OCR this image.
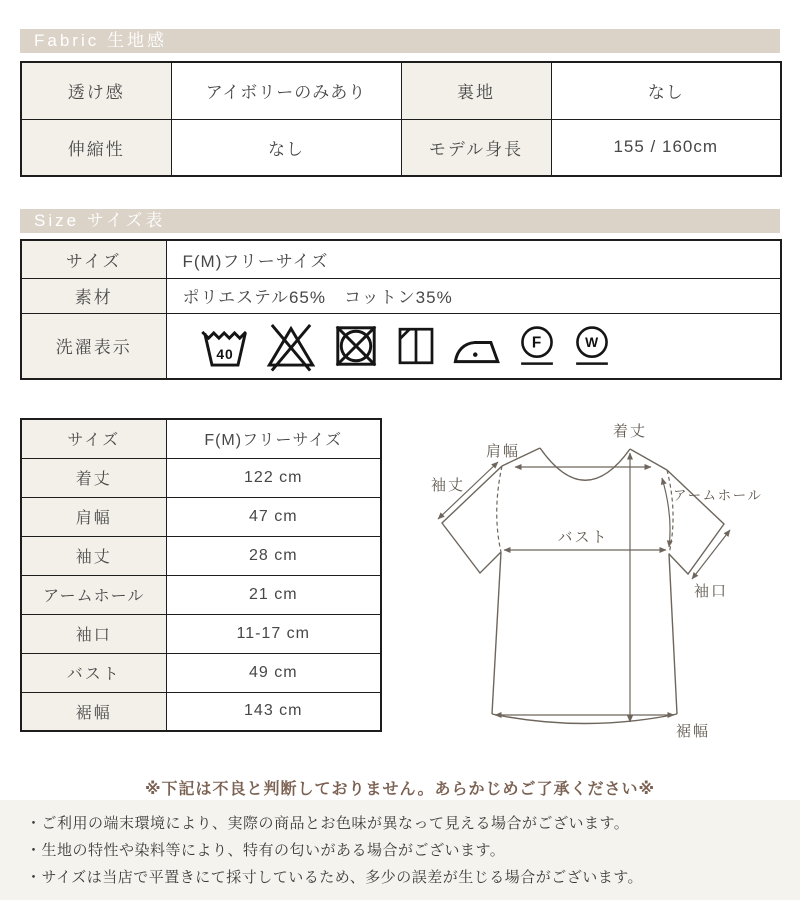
Fabric 生地感
透け感	アイボリーのみあり	裏地	なし
伸縮性	なし	モデル身長	155 / 160cm
Size サイズ表
サイズ	F(M)フリーサイズ
素材	ポリエステル65%　コットン35%
洗濯表示	40
F W
サイズ	F(M)フリーサイズ
着丈	122 cm
肩幅	47 cm
袖丈	28 cm
アームホール	21 cm
袖口	11-17 cm
バスト	49 cm
裾幅	143 cm
肩幅
着丈
袖丈
アームホール
バスト
袖口
裾幅
※下記は不良と判断しておりません。あらかじめご了承ください※
・ご利用の端末環境により、実際の商品とお色味が異なって見える場合がございます。
・生地の特性や染料等により、特有の匂いがある場合がございます。
・サイズは当店で平置きにて採寸しているため、多少の誤差が生じる場合がございます。
